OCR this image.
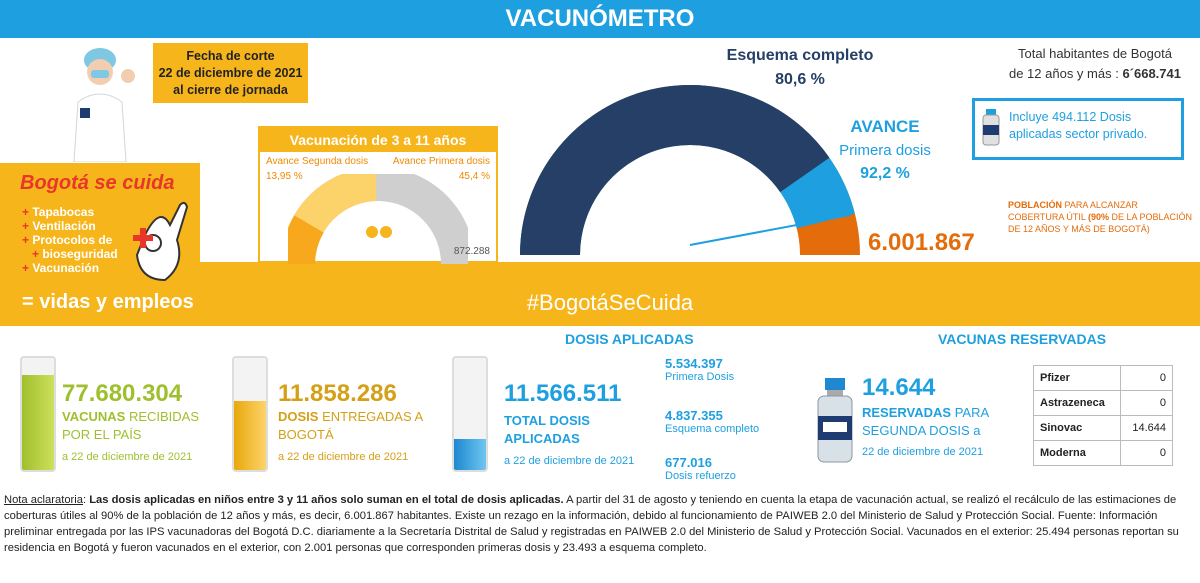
VACUNÓMETRO
Fecha de corte
22 de diciembre de 2021
al cierre de jornada
#BogotáSeCuida
Bogotá se cuida
+ Tapabocas
+ Ventilación
+ Protocolos de
+ bioseguridad
+ Vacunación
= vidas y empleos
Vacunación de 3 a 11 años
Avance Segunda dosis
13,95 %
Avance Primera dosis
45,4 %
872.288
Esquema completo
80,6 %
AVANCE
Primera dosis
92,2 %
6.001.867
POBLACIÓN PARA ALCANZAR COBERTURA ÚTIL (90% DE LA POBLACIÓN DE 12 AÑOS Y MÁS DE BOGOTÁ)
Total habitantes de Bogotá
de 12 años y más : 6´668.741
Incluye 494.112 Dosis aplicadas sector privado.
DOSIS APLICADAS	VACUNAS RESERVADAS
77.680.304
VACUNAS RECIBIDAS POR EL PAÍS
a 22 de diciembre de 2021
11.858.286
DOSIS ENTREGADAS A BOGOTÁ
a 22 de diciembre de 2021
11.566.511
TOTAL DOSIS APLICADAS
a 22 de diciembre de 2021
5.534.397
Primera Dosis
4.837.355
Esquema completo
677.016
Dosis refuerzo
14.644
RESERVADAS PARA SEGUNDA DOSIS a
22 de diciembre de 2021
Pfizer	0
Astrazeneca	0
Sinovac	14.644
Moderna	0
Nota aclaratoria: Las dosis aplicadas en niños entre 3 y 11 años solo suman en el total de dosis aplicadas. A partir del 31 de agosto y teniendo en cuenta la etapa de vacunación actual, se realizó el recálculo de las estimaciones de coberturas útiles al 90% de la población de 12 años y más, es decir, 6.001.867 habitantes. Existe un rezago en la información, debido al funcionamiento de PAIWEB 2.0 del Ministerio de Salud y Protección Social. Fuente: Información preliminar entregada por las IPS vacunadoras del Bogotá D.C. diariamente a la Secretaría Distrital de Salud y registradas en PAIWEB 2.0 del Ministerio de Salud y Protección Social. Vacunados en el exterior: 25.494 personas reportan su residencia en Bogotá y fueron vacunados en el exterior, con 2.001 personas que corresponden primeras dosis y 23.493 a esquema completo.
